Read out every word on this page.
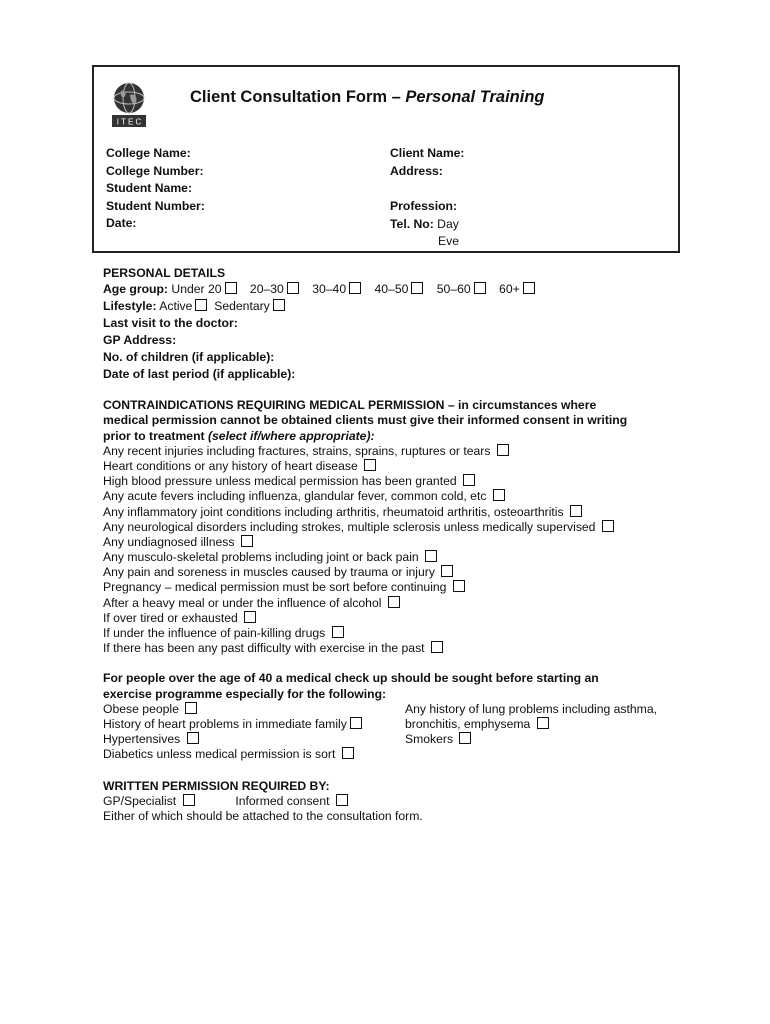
I T E C
Client Consultation Form – Personal Training
College Name:
College Number:
Student Name:
Student Number:
Date:
Client Name:
Address:
Profession:
Tel. No: Day
Eve
PERSONAL DETAILS
Age group: Under 20 20–30 30–40 40–50 50–60 60+
Lifestyle: Active Sedentary
Last visit to the doctor:
GP Address:
No. of children (if applicable):
Date of last period (if applicable):
CONTRAINDICATIONS REQUIRING MEDICAL PERMISSION – in circumstances where
medical permission cannot be obtained clients must give their informed consent in writing
prior to treatment (select if/where appropriate):
Any recent injuries including fractures, strains, sprains, ruptures or tears
Heart conditions or any history of heart disease
High blood pressure unless medical permission has been granted
Any acute fevers including influenza, glandular fever, common cold, etc
Any inflammatory joint conditions including arthritis, rheumatoid arthritis, osteoarthritis
Any neurological disorders including strokes, multiple sclerosis unless medically supervised
Any undiagnosed illness
Any musculo-skeletal problems including joint or back pain
Any pain and soreness in muscles caused by trauma or injury
Pregnancy – medical permission must be sort before continuing
After a heavy meal or under the influence of alcohol
If over tired or exhausted
If under the influence of pain-killing drugs
If there has been any past difficulty with exercise in the past
For people over the age of 40 a medical check up should be sought before starting an
exercise programme especially for the following:
Obese people
History of heart problems in immediate family
Hypertensives
Diabetics unless medical permission is sort
Any history of lung problems including asthma,
bronchitis, emphysema
Smokers
WRITTEN PERMISSION REQUIRED BY:
GP/Specialist	Informed consent
Either of which should be attached to the consultation form.
